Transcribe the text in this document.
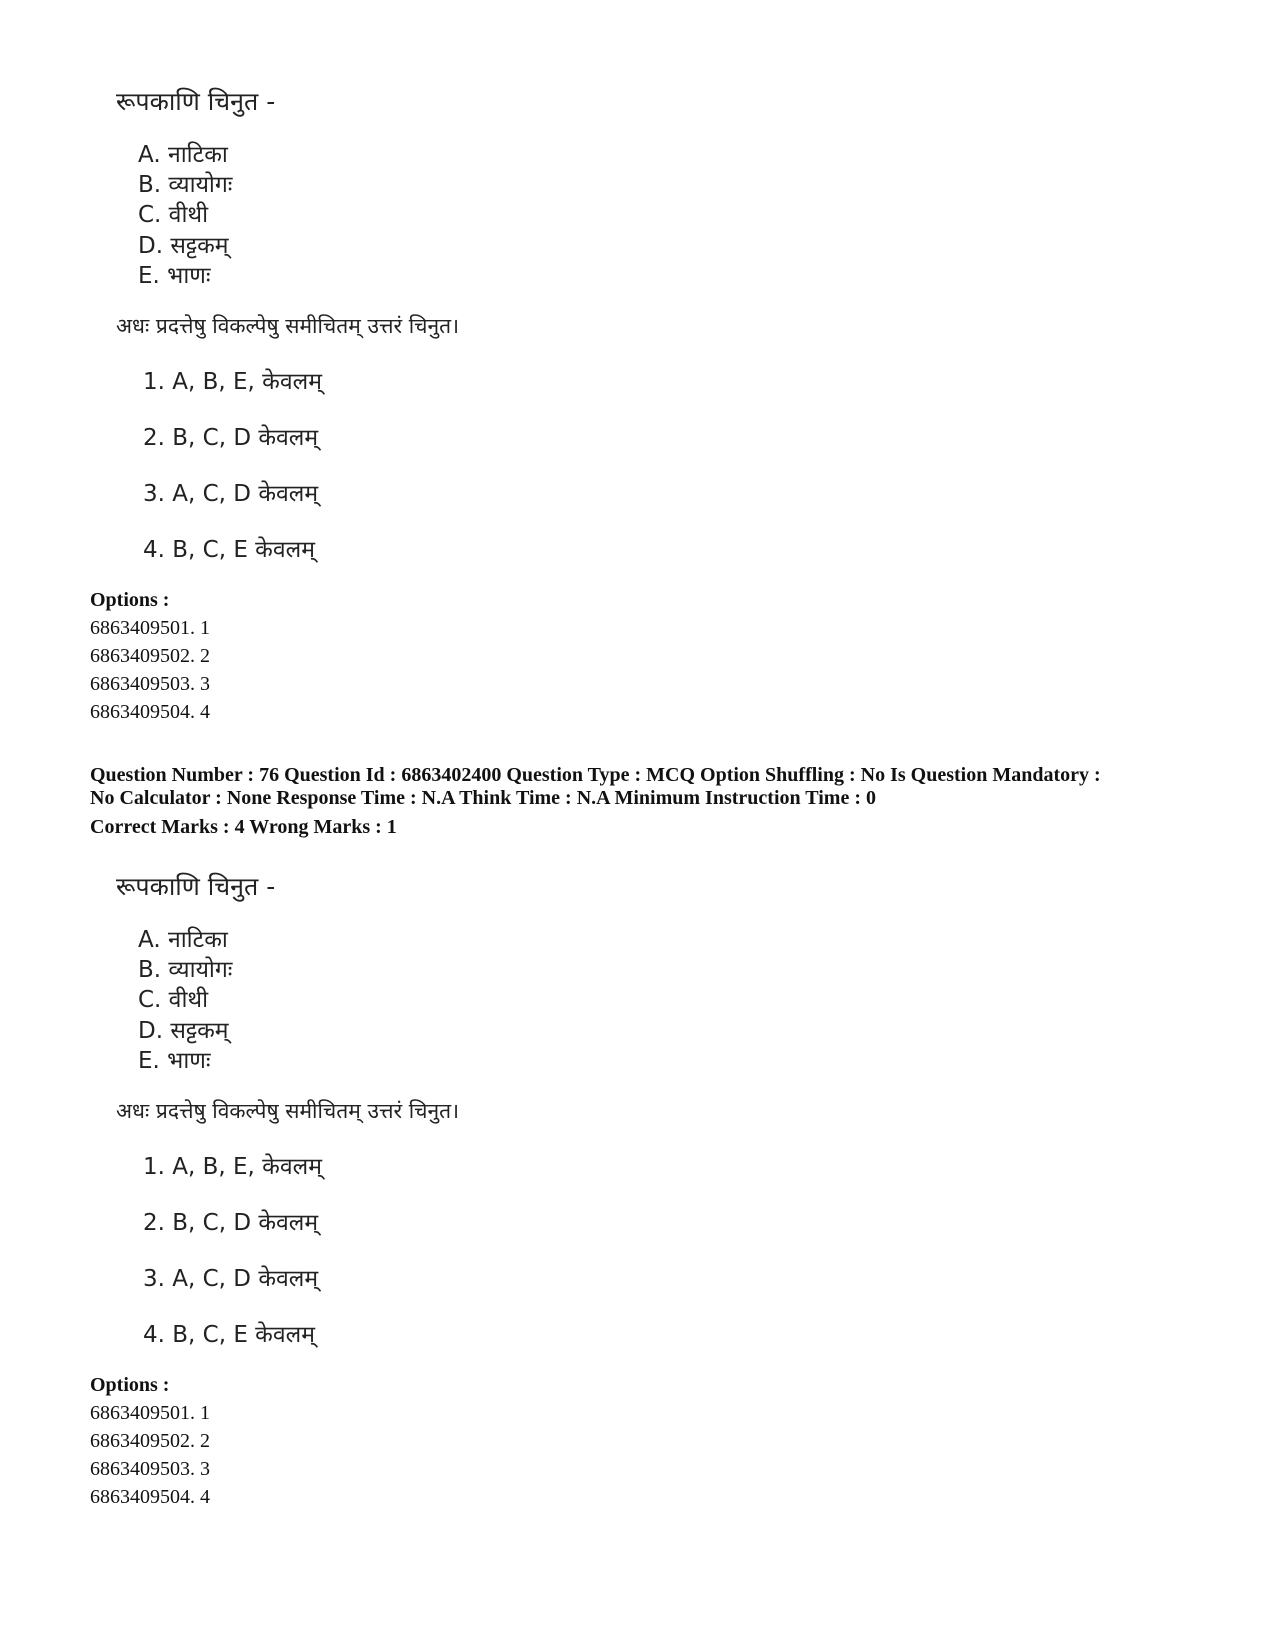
रूपकाणि चिनुत -
A. नाटिका
B. व्यायोगः
C. वीथी
D. सट्टकम्
E. भाणः
अधः प्रदत्तेषु विकल्पेषु समीचितम् उत्तरं चिनुत।
1. A, B, E, केवलम्
2. B, C, D केवलम्
3. A, C, D केवलम्
4. B, C, E केवलम्
Options :
6863409501. 1
6863409502. 2
6863409503. 3
6863409504. 4
Question Number : 76 Question Id : 6863402400 Question Type : MCQ Option Shuffling : No Is Question Mandatory :
No Calculator : None Response Time : N.A Think Time : N.A Minimum Instruction Time : 0
Correct Marks : 4 Wrong Marks : 1
रूपकाणि चिनुत -
A. नाटिका
B. व्यायोगः
C. वीथी
D. सट्टकम्
E. भाणः
अधः प्रदत्तेषु विकल्पेषु समीचितम् उत्तरं चिनुत।
1. A, B, E, केवलम्
2. B, C, D केवलम्
3. A, C, D केवलम्
4. B, C, E केवलम्
Options :
6863409501. 1
6863409502. 2
6863409503. 3
6863409504. 4
